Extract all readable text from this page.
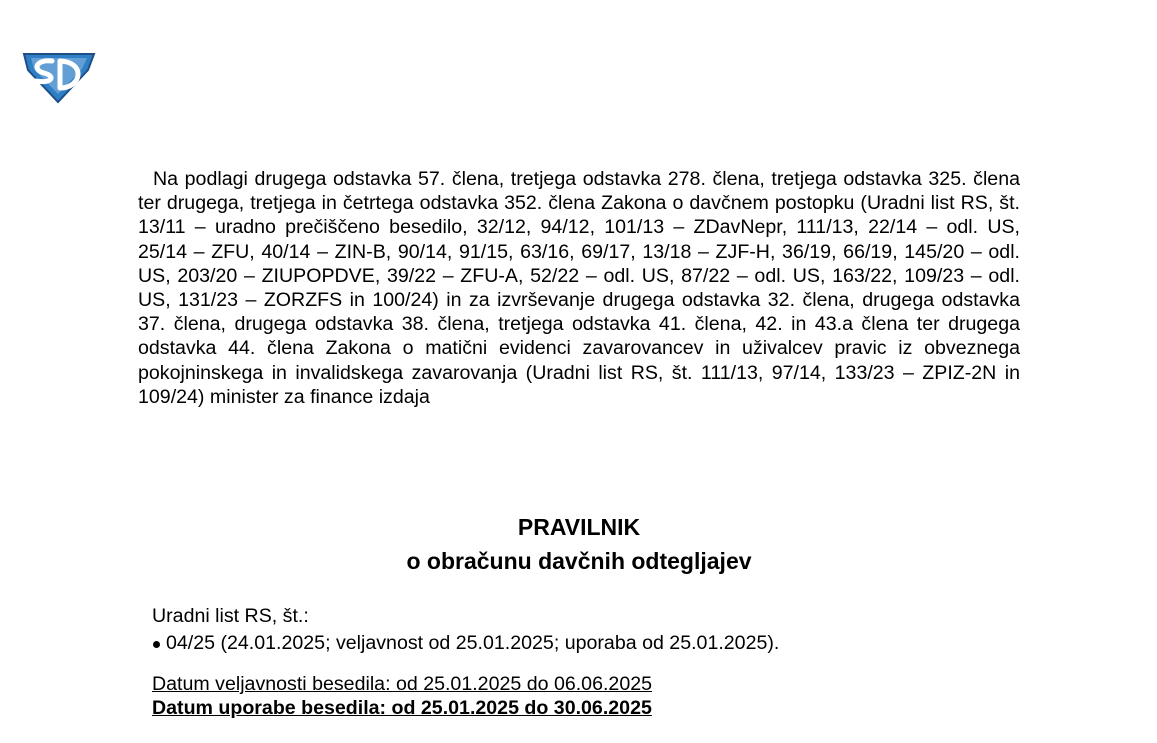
Na podlagi drugega odstavka 57. člena, tretjega odstavka 278. člena, tretjega odstavka 325. člena ter drugega, tretjega in četrtega odstavka 352. člena Zakona o davčnem postopku (Uradni list RS, št. 13/11 – uradno prečiščeno besedilo, 32/12, 94/12, 101/13 – ZDavNepr, 111/13, 22/14 – odl. US, 25/14 – ZFU, 40/14 – ZIN-B, 90/14, 91/15, 63/16, 69/17, 13/18 – ZJF-H, 36/19, 66/19, 145/20 – odl. US, 203/20 – ZIUPOPDVE, 39/22 – ZFU-A, 52/22 – odl. US, 87/22 – odl. US, 163/22, 109/23 – odl. US, 131/23 – ZORZFS in 100/24) in za izvrševanje drugega odstavka 32. člena, drugega odstavka 37. člena, drugega odstavka 38. člena, tretjega odstavka 41. člena, 42. in 43.a člena ter drugega odstavka 44. člena Zakona o matični evidenci zavarovancev in uživalcev pravic iz obveznega pokojninskega in invalidskega zavarovanja (Uradni list RS, št. 111/13, 97/14, 133/23 – ZPIZ-2N in 109/24) minister za finance izdaja

PRAVILNIK
o obračunu davčnih odtegljajev

Uradni list RS, št.:

04/25 (24.01.2025; veljavnost od 25.01.2025; uporaba od 25.01.2025).

Datum veljavnosti besedila: od 25.01.2025 do 06.06.2025

Datum uporabe besedila: od 25.01.2025 do 30.06.2025
